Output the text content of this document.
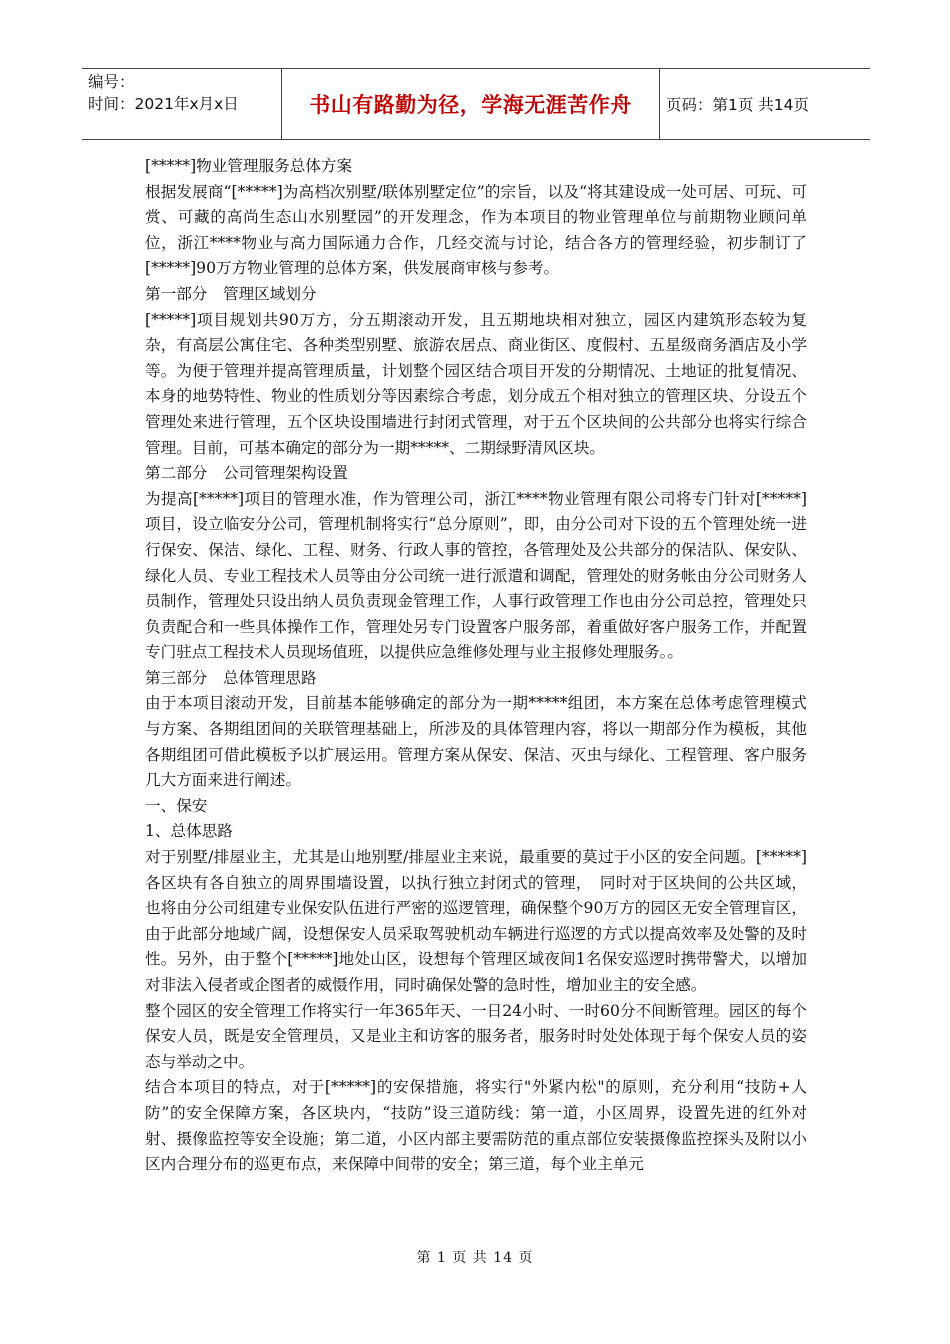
编号：
时间：2021年x月x日	书山有路勤为径，学海无涯苦作舟	页码：第1页 共14页

[*****]物业管理服务总体方案

根据发展商“[*****]为高档次别墅/联体别墅定位”的宗旨，以及“将其建设成一处可居、可玩、可赏、可藏的高尚生态山水别墅园”的开发理念，作为本项目的物业管理单位与前期物业顾问单位，浙江****物业与高力国际通力合作，几经交流与讨论，结合各方的管理经验，初步制订了[*****]90万方物业管理的总体方案，供发展商审核与参考。

第一部分　管理区域划分

[*****]项目规划共90万方，分五期滚动开发，且五期地块相对独立，园区内建筑形态较为复杂，有高层公寓住宅、各种类型别墅、旅游农居点、商业街区、度假村、五星级商务酒店及小学等。为便于管理并提高管理质量，计划整个园区结合项目开发的分期情况、土地证的批复情况、本身的地势特性、物业的性质划分等因素综合考虑，划分成五个相对独立的管理区块、分设五个管理处来进行管理，五个区块设围墙进行封闭式管理，对于五个区块间的公共部分也将实行综合管理。目前，可基本确定的部分为一期*****、二期绿野清风区块。

第二部分　公司管理架构设置

为提高[*****]项目的管理水准，作为管理公司，浙江****物业管理有限公司将专门针对[*****]项目，设立临安分公司，管理机制将实行“总分原则”，即，由分公司对下设的五个管理处统一进行保安、保洁、绿化、工程、财务、行政人事的管控，各管理处及公共部分的保洁队、保安队、绿化人员、专业工程技术人员等由分公司统一进行派遣和调配，管理处的财务帐由分公司财务人员制作，管理处只设出纳人员负责现金管理工作，人事行政管理工作也由分公司总控，管理处只负责配合和一些具体操作工作，管理处另专门设置客户服务部，着重做好客户服务工作，并配置专门驻点工程技术人员现场值班，以提供应急维修处理与业主报修处理服务。。

第三部分　总体管理思路

由于本项目滚动开发，目前基本能够确定的部分为一期*****组团，本方案在总体考虑管理模式与方案、各期组团间的关联管理基础上，所涉及的具体管理内容，将以一期部分作为模板，其他各期组团可借此模板予以扩展运用。管理方案从保安、保洁、灭虫与绿化、工程管理、客户服务几大方面来进行阐述。

一、保安

1、总体思路

对于别墅/排屋业主，尤其是山地别墅/排屋业主来说，最重要的莫过于小区的安全问题。[*****]各区块有各自独立的周界围墙设置，以执行独立封闭式的管理，　同时对于区块间的公共区域，也将由分公司组建专业保安队伍进行严密的巡逻管理，确保整个90万方的园区无安全管理盲区，由于此部分地域广阔，设想保安人员采取驾驶机动车辆进行巡逻的方式以提高效率及处警的及时性。另外，由于整个[*****]地处山区，设想每个管理区域夜间1名保安巡逻时携带警犬，以增加对非法入侵者或企图者的威慑作用，同时确保处警的急时性，增加业主的安全感。

整个园区的安全管理工作将实行一年365年天、一日24小时、一时60分不间断管理。园区的每个保安人员，既是安全管理员，又是业主和访客的服务者，服务时时处处体现于每个保安人员的姿态与举动之中。

结合本项目的特点，对于[*****]的安保措施，将实行"外紧内松"的原则，充分利用“技防+人防”的安全保障方案，各区块内，“技防”设三道防线：第一道，小区周界，设置先进的红外对射、摄像监控等安全设施；第二道，小区内部主要需防范的重点部位安装摄像监控探头及附以小区内合理分布的巡更布点，来保障中间带的安全；第三道，每个业主单元

第 1 页 共 14 页
